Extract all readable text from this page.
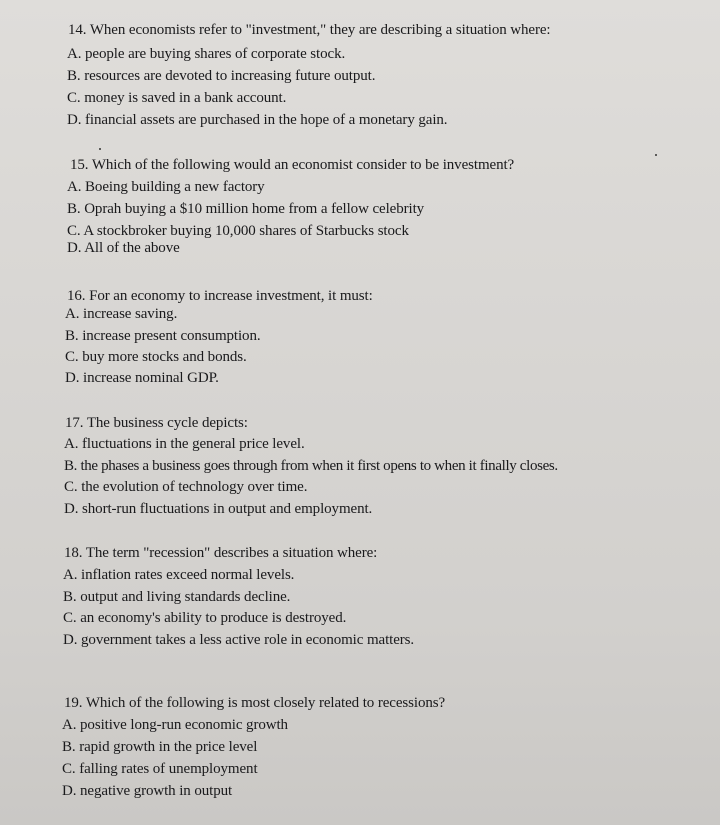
14. When economists refer to "investment," they are describing a situation where:
A. people are buying shares of corporate stock.
B. resources are devoted to increasing future output.
C. money is saved in a bank account.
D. financial assets are purchased in the hope of a monetary gain.
15. Which of the following would an economist consider to be investment?
A. Boeing building a new factory
B. Oprah buying a $10 million home from a fellow celebrity
C. A stockbroker buying 10,000 shares of Starbucks stock
D. All of the above
16. For an economy to increase investment, it must:
A. increase saving.
B. increase present consumption.
C. buy more stocks and bonds.
D. increase nominal GDP.
17. The business cycle depicts:
A. fluctuations in the general price level.
B. the phases a business goes through from when it first opens to when it finally closes.
C. the evolution of technology over time.
D. short-run fluctuations in output and employment.
18. The term "recession" describes a situation where:
A. inflation rates exceed normal levels.
B. output and living standards decline.
C. an economy's ability to produce is destroyed.
D. government takes a less active role in economic matters.
19. Which of the following is most closely related to recessions?
A. positive long-run economic growth
B. rapid growth in the price level
C. falling rates of unemployment
D. negative growth in output
